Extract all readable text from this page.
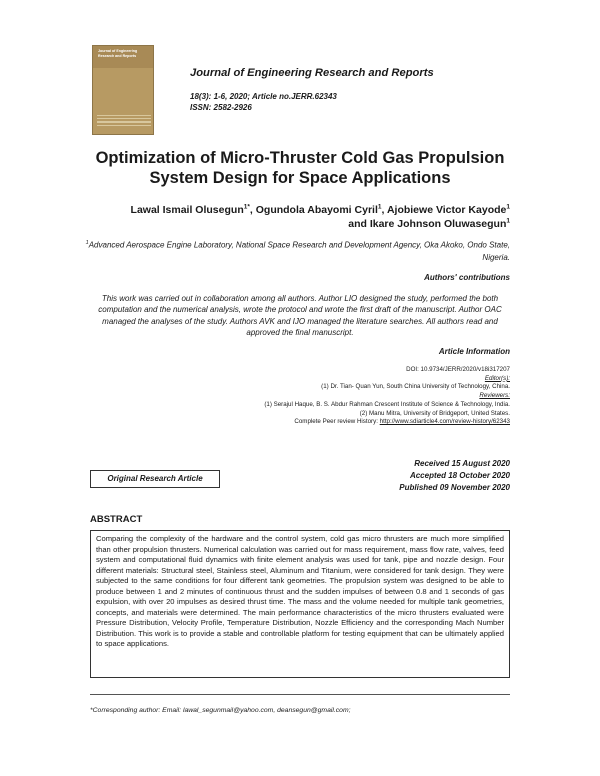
Journal of Engineering Research and Reports
Journal of Engineering Research and Reports
18(3): 1-6, 2020; Article no.JERR.62343
ISSN: 2582-2926
Optimization of Micro-Thruster Cold Gas Propulsion
System Design for Space Applications
Lawal Ismail Olusegun$^{1*}$, Ogundola Abayomi Cyril$^1$, Ajobiewe Victor Kayode$^1$
and Ikare Johnson Oluwasegun$^1$
$^1$Advanced Aerospace Engine Laboratory, National Space Research and Development Agency, Oka Akoko, Ondo State, Nigeria.
Authors' contributions
This work was carried out in collaboration among all authors. Author LIO designed the study, performed the both computation and the numerical analysis, wrote the protocol and wrote the first draft of the manuscript. Author OAC managed the analyses of the study. Authors AVK and IJO managed the literature searches. All authors read and approved the final manuscript.
Article Information
DOI: 10.9734/JERR/2020/v18i317207
Editor(s):
(1) Dr. Tian- Quan Yun, South China University of Technology, China.
Reviewers:
(1) Serajul Haque, B. S. Abdur Rahman Crescent Institute of Science & Technology, India.
(2) Manu Mitra, University of Bridgeport, United States.
Complete Peer review History: http://www.sdiarticle4.com/review-history/62343
Original Research Article
Received 15 August 2020
Accepted 18 October 2020
Published 09 November 2020
ABSTRACT
Comparing the complexity of the hardware and the control system, cold gas micro thrusters are much more simplified than other propulsion thrusters. Numerical calculation was carried out for mass requirement, mass flow rate, valves, feed system and computational fluid dynamics with finite element analysis was used for tank, pipe and nozzle design. Four different materials: Structural steel, Stainless steel, Aluminum and Titanium, were considered for tank design. They were subjected to the same conditions for four different tank geometries. The propulsion system was designed to be able to produce between 1 and 2 minutes of continuous thrust and the sudden impulses of between 0.8 and 1 seconds of gas expulsion, with over 20 impulses as desired thrust time. The mass and the volume needed for multiple tank geometries, concepts, and materials were determined. The main performance characteristics of the micro thrusters evaluated were Pressure Distribution, Velocity Profile, Temperature Distribution, Nozzle Efficiency and the corresponding Mach Number Distribution. This work is to provide a stable and controllable platform for testing equipment that can be ultimately applied to space applications.
*Corresponding author: Email: lawal_segunmail@yahoo.com, deansegun@gmail.com;
